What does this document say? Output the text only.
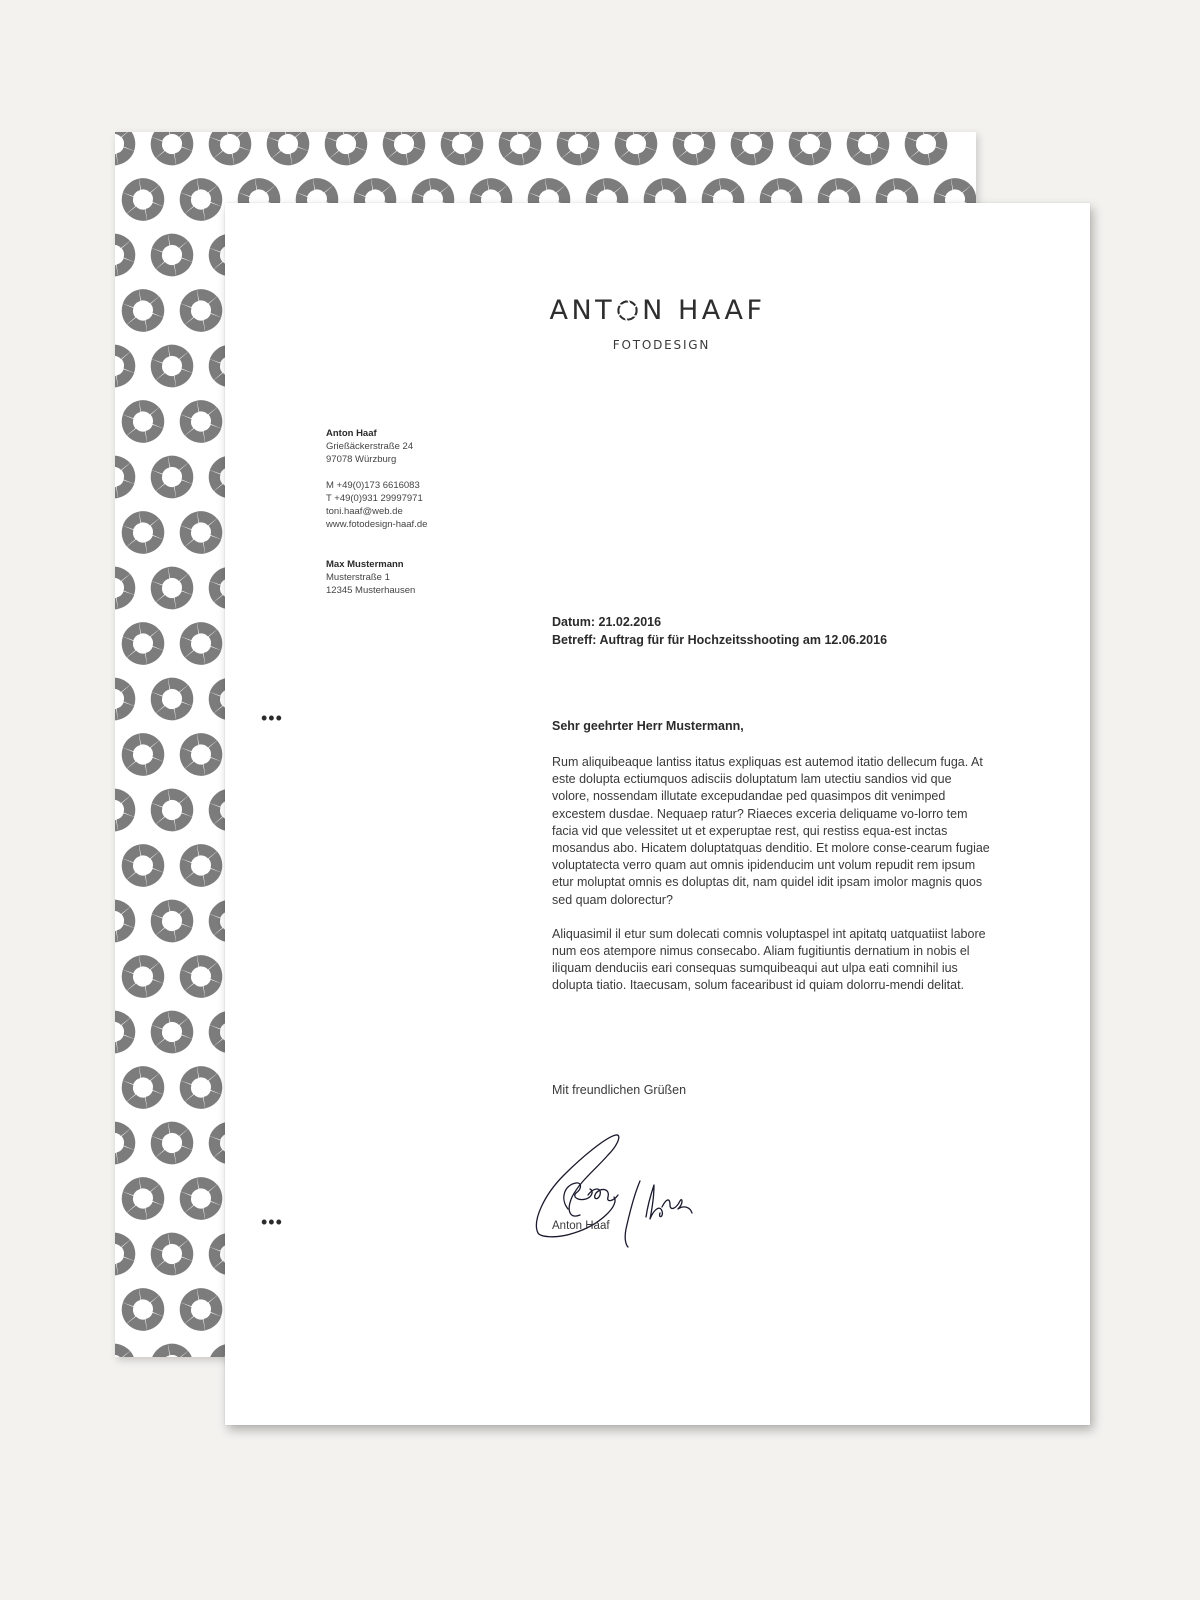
ANT N HAAF
FOTODESIGN
Anton Haaf
Grießäckerstraße 24
97078 Würzburg
M +49(0)173 6616083
T +49(0)931 29997971
toni.haaf@web.de
www.fotodesign-haaf.de
Max Mustermann
Musterstraße 1
12345 Musterhausen
Datum: 21.02.2016
Betreff: Auftrag für für Hochzeitsshooting am 12.06.2016
•••
•••
Sehr geehrter Herr Mustermann,

Rum aliquibeaque lantiss itatus expliquas est autemod itatio dellecum fuga. At este dolupta ectiumquos adisciis doluptatum lam utectiu sandios vid que volore, nossendam illutate excepudandae ped quasimpos dit venimped excestem dusdae. Nequaep ratur? Riaeces exceria deliquame vo-lorro tem facia vid que velessitet ut et experuptae rest, qui restiss equa-est inctas mosandus abo. Hicatem doluptatquas denditio. Et molore conse-cearum fugiae voluptatecta verro quam aut omnis ipidenducim unt volum repudit rem ipsum etur moluptat omnis es doluptas dit, nam quidel idit ipsam imolor magnis quos sed quam dolorectur?

Aliquasimil il etur sum dolecati comnis voluptaspel int apitatq uatquatiist labore num eos atempore nimus consecabo. Aliam fugitiuntis dernatium in nobis el iliquam denduciis eari consequas sumquibeaqui aut ulpa eati comnihil ius dolupta tiatio. Itaecusam, solum facearibust id quiam dolorru-mendi delitat.

Mit freundlichen Grüßen
Anton Haaf
